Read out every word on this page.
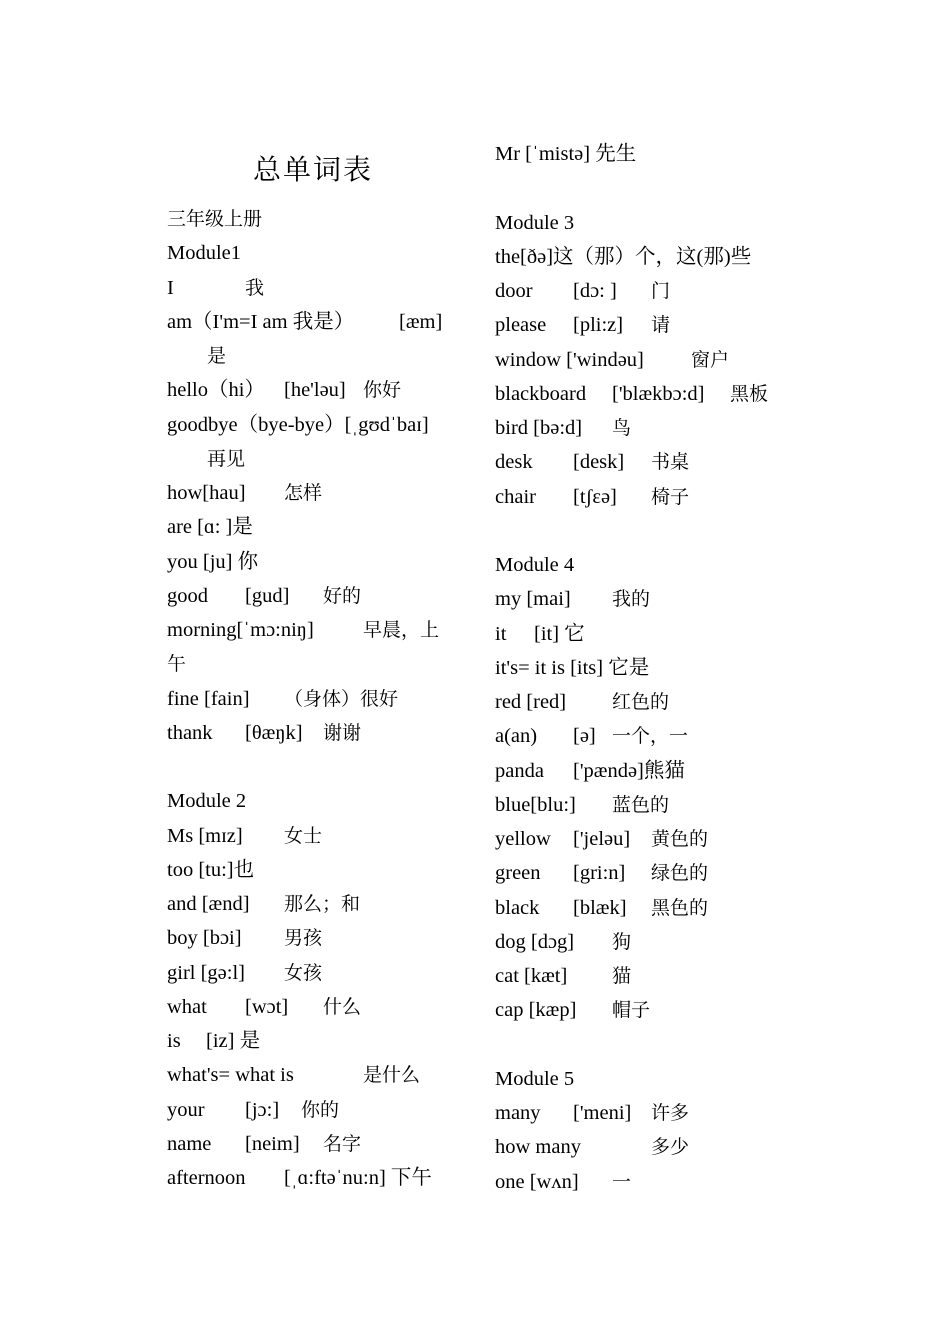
总单词表
三年级上册
Module1
I	我
am（I'm=I am 我是） [æm]
是
hello（hi） [he'ləu] 你好
goodbye（bye-bye）[ˌgʊdˈbaɪ]
再见
how[hau] 怎样
are [ɑ: ]是
you [ju] 你
good [gud] 好的
morning[ˈmɔ:niŋ]	早晨，上
午
fine [fain] （身体）很好
thank [θæŋk] 谢谢
Module 2
Ms [mɪz] 女士
too [tu:]也
and [ænd] 那么；和
boy [bɔi] 男孩
girl [gə:l] 女孩
what [wɔt] 什么
is [iz] 是
what's= what is	是什么
your [jɔ:] 你的
name [neim] 名字
afternoon [ˌɑ:ftəˈnu:n] 下午
Mr [ˈmistə] 先生
Module 3
the[ðə]这（那）个，这(那)些
door [dɔ: ] 门
please [pli:z] 请
window ['windəu] 窗户
blackboard ['blækbɔ:d] 黑板
bird [bə:d] 鸟
desk [desk] 书桌
chair [tʃɛə] 椅子
Module 4
my [mai] 我的
it [it] 它
it's= it is [its] 它是
red [red] 红色的
a(an) [ə] 一个，一
panda ['pændə]熊猫
blue[blu:] 蓝色的
yellow ['jeləu] 黄色的
green [gri:n] 绿色的
black [blæk] 黑色的
dog [dɔg] 狗
cat [kæt] 猫
cap [kæp] 帽子
Module 5
many ['meni] 许多
how many	多少
one [wʌn] 一
